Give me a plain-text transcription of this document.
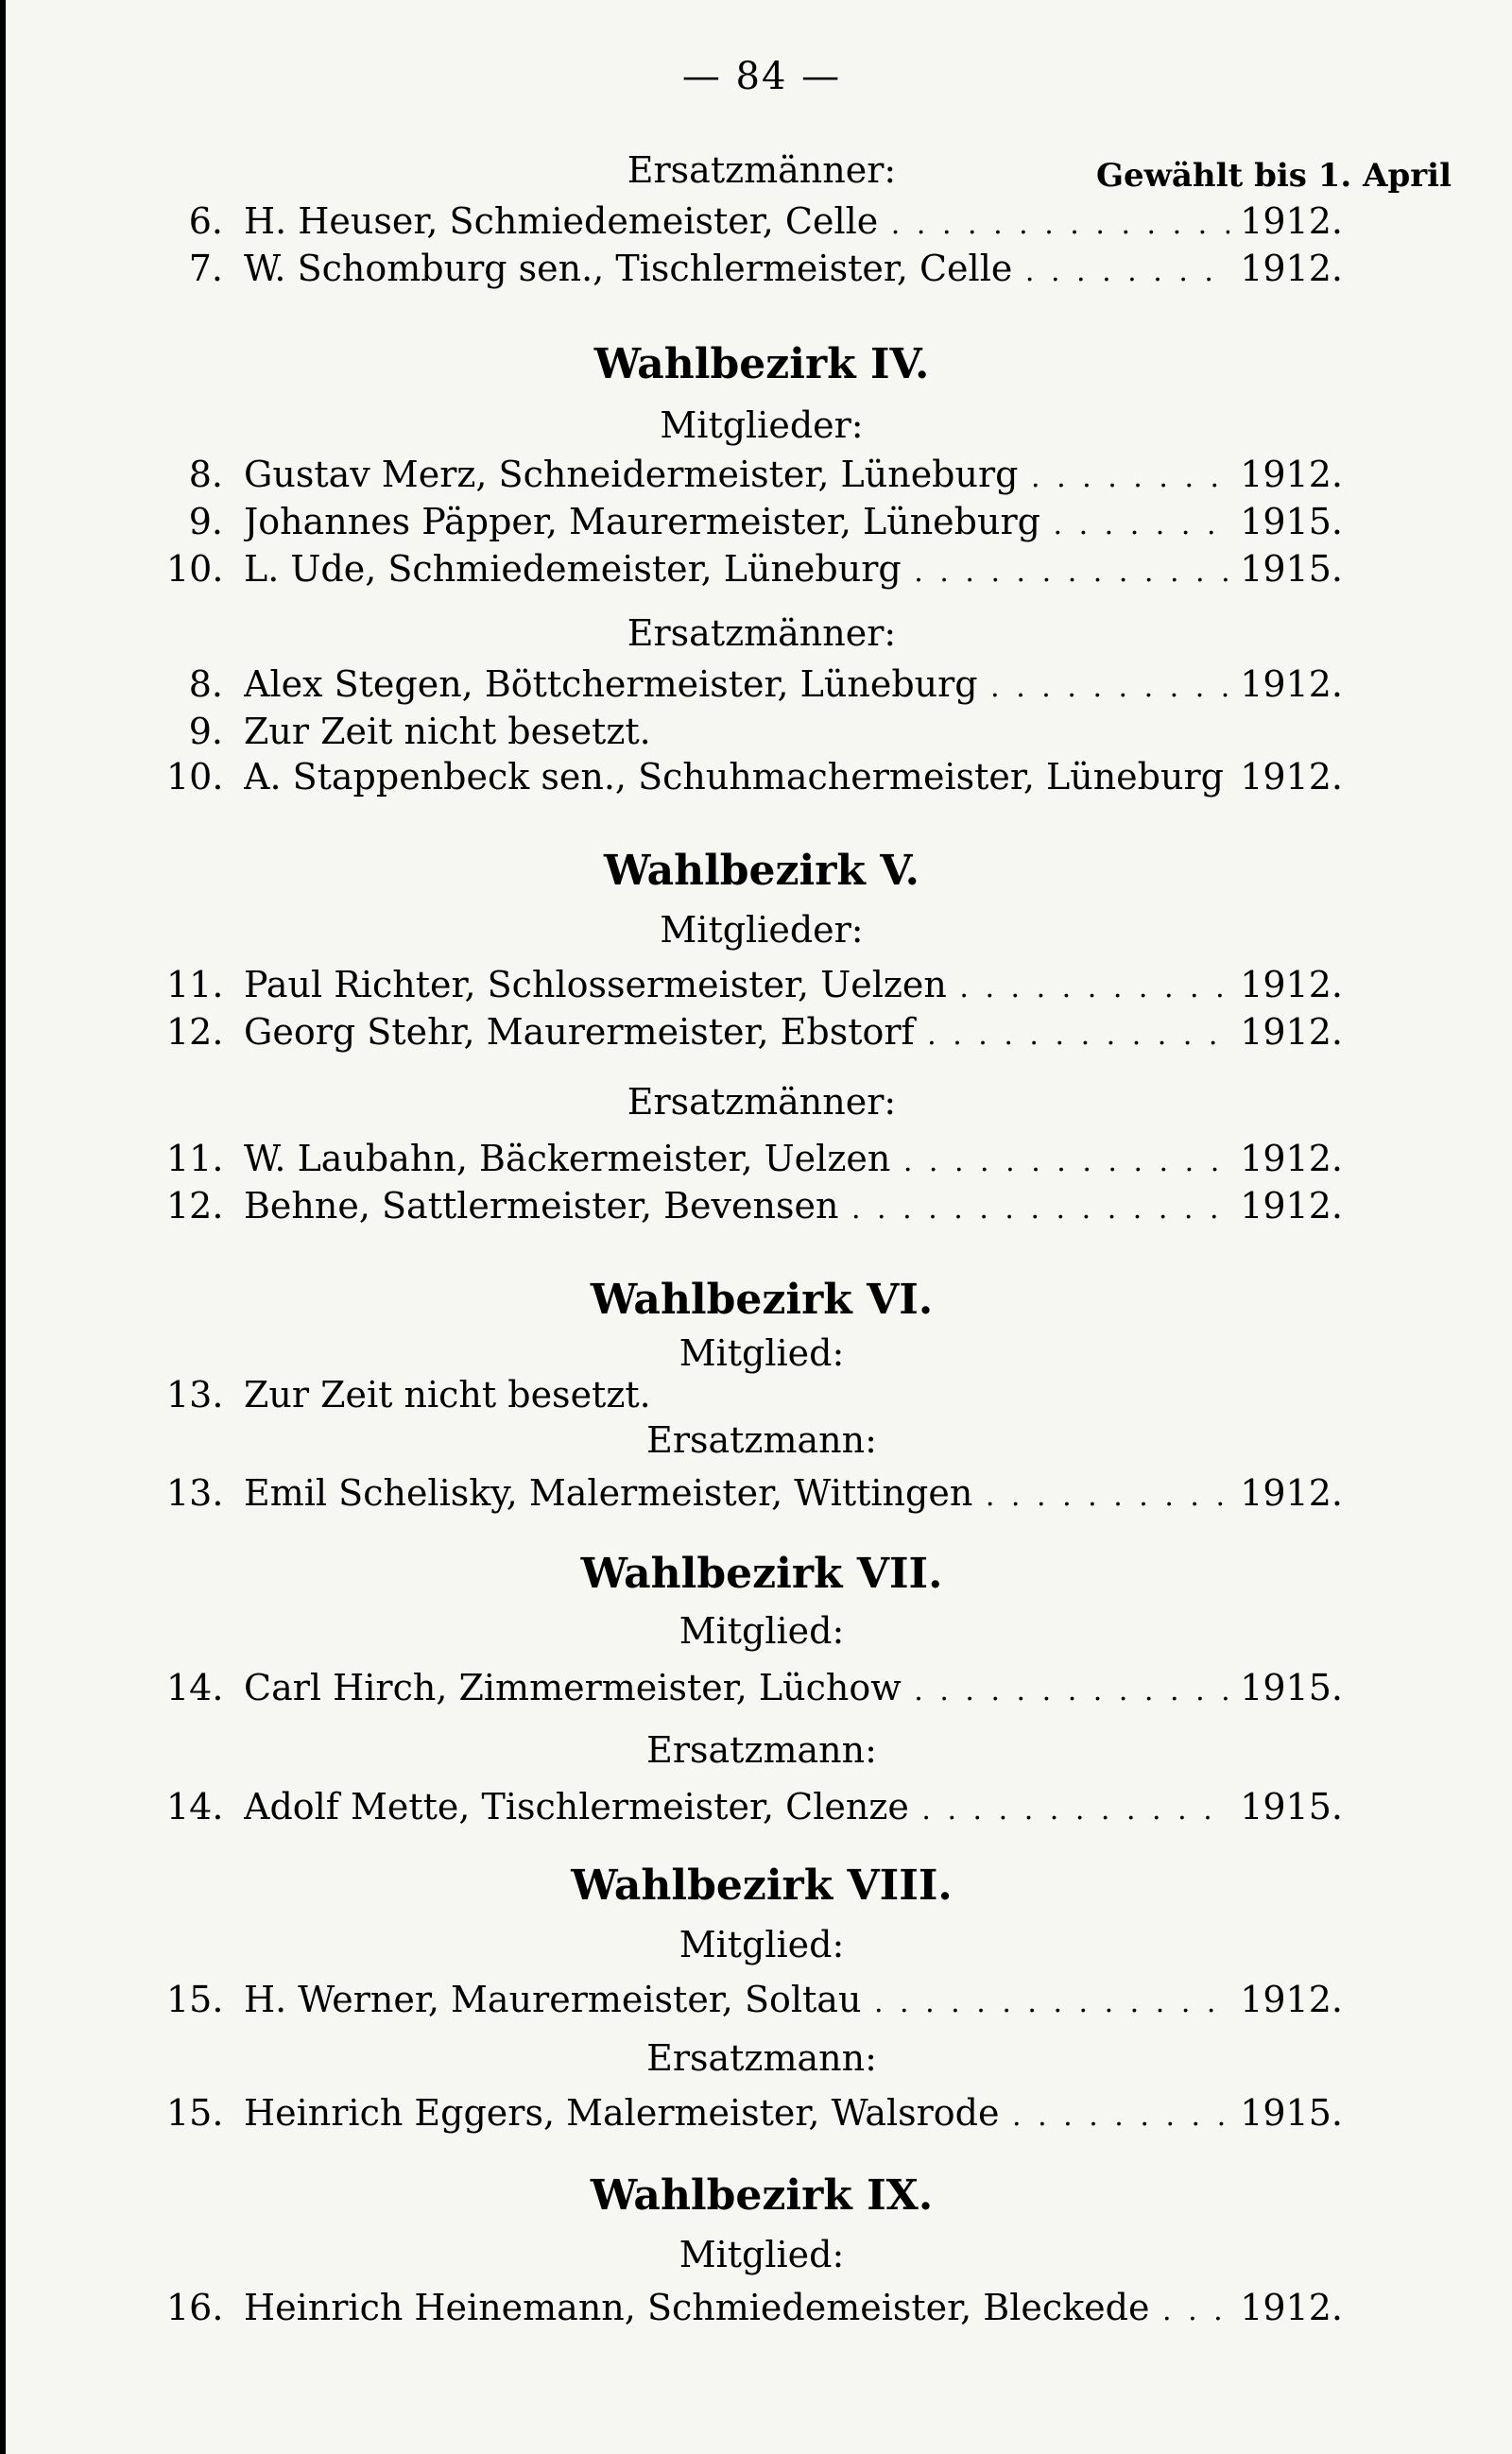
— 84 —
Ersatzmänner:	Gewählt bis 1. April
6. H. Heuser, Schmiedemeister, Celle . . .	1912.
7. W. Schomburg sen., Tischlermeister, Celle . . .	1912.
Wahlbezirk IV.
Mitglieder:
8. Gustav Merz, Schneidermeister, Lüneburg . . .	1912.
9. Johannes Päpper, Maurermeister, Lüneburg . . .	1915.
10. L. Ude, Schmiedemeister, Lüneburg . . .	1915.
Ersatzmänner:
8. Alex Stegen, Böttchermeister, Lüneburg . . .	1912.
9. Zur Zeit nicht besetzt.
10. A. Stappenbeck sen., Schuhmachermeister, Lüneburg . . . 1912.
Wahlbezirk V.
Mitglieder:
11. Paul Richter, Schlossermeister, Uelzen . . .	1912.
12. Georg Stehr, Maurermeister, Ebstorf . . .	1912.
Ersatzmänner:
11. W. Laubahn, Bäckermeister, Uelzen . . .	1912.
12. Behne, Sattlermeister, Bevensen . . .	1912.
Wahlbezirk VI.
Mitglied:
13. Zur Zeit nicht besetzt.
Ersatzmann:
13. Emil Schelisky, Malermeister, Wittingen . . .	1912.
Wahlbezirk VII.
Mitglied:
14. Carl Hirch, Zimmermeister, Lüchow . . .	1915.
Ersatzmann:
14. Adolf Mette, Tischlermeister, Clenze . . .	1915.
Wahlbezirk VIII.
Mitglied:
15. H. Werner, Maurermeister, Soltau . . .	1912.
Ersatzmann:
15. Heinrich Eggers, Malermeister, Walsrode . . .	1915.
Wahlbezirk IX.
Mitglied:
16. Heinrich Heinemann, Schmiedemeister, Bleckede . . .	1912.
